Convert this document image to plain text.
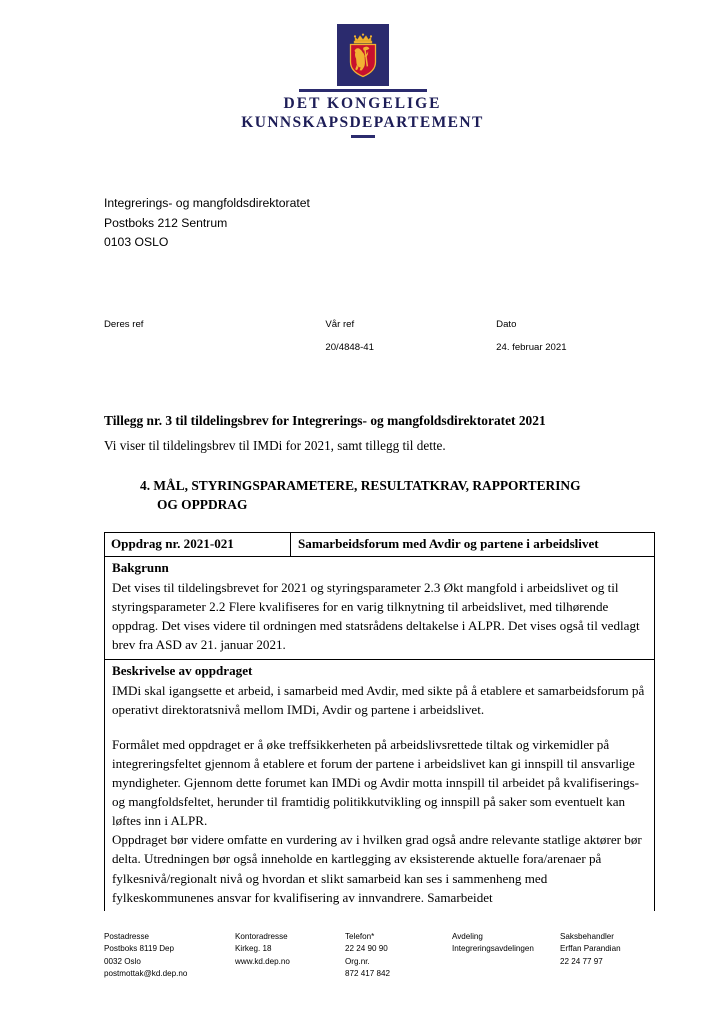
DET KONGELIGE
KUNNSKAPSDEPARTEMENT
Integrerings- og mangfoldsdirektoratet
Postboks 212 Sentrum
0103 OSLO
Deres ref	Vår ref
20/4848-41
Dato
24. februar 2021
Tillegg nr. 3 til tildelingsbrev for Integrerings- og mangfoldsdirektoratet 2021
Vi viser til tildelingsbrev til IMDi for 2021, samt tillegg til dette.
4. MÅL, STYRINGSPARAMETERE, RESULTATKRAV, RAPPORTERING
OG OPPDRAG
Oppdrag nr. 2021-021	Samarbeidsforum med Avdir og partene i arbeidslivet
Bakgrunn
Det vises til tildelingsbrevet for 2021 og styringsparameter 2.3 Økt mangfold i arbeidslivet og til styringsparameter 2.2 Flere kvalifiseres for en varig tilknytning til arbeidslivet, med tilhørende oppdrag. Det vises videre til ordningen med statsrådens deltakelse i ALPR. Det vises også til vedlagt brev fra ASD av 21. januar 2021.
Beskrivelse av oppdraget
IMDi skal igangsette et arbeid, i samarbeid med Avdir, med sikte på å etablere et samarbeidsforum på operativt direktoratsnivå mellom IMDi, Avdir og partene i arbeidslivet.
Formålet med oppdraget er å øke treffsikkerheten på arbeidslivsrettede tiltak og virkemidler på integreringsfeltet gjennom å etablere et forum der partene i arbeidslivet kan gi innspill til ansvarlige myndigheter. Gjennom dette forumet kan IMDi og Avdir motta innspill til arbeidet på kvalifiserings- og mangfoldsfeltet, herunder til framtidig politikkutvikling og innspill på saker som eventuelt kan løftes inn i ALPR.
Oppdraget bør videre omfatte en vurdering av i hvilken grad også andre relevante statlige aktører bør delta. Utredningen bør også inneholde en kartlegging av eksisterende aktuelle fora/arenaer på fylkesnivå/regionalt nivå og hvordan et slikt samarbeid kan ses i sammenheng med fylkeskommunenes ansvar for kvalifisering av innvandrere. Samarbeidet
Postadresse
Postboks 8119 Dep
0032 Oslo
postmottak@kd.dep.no
Kontoradresse
Kirkeg. 18
www.kd.dep.no
Telefon*
22 24 90 90
Org.nr.
872 417 842
Avdeling
Integreringsavdelingen
Saksbehandler
Erffan Parandian
22 24 77 97
